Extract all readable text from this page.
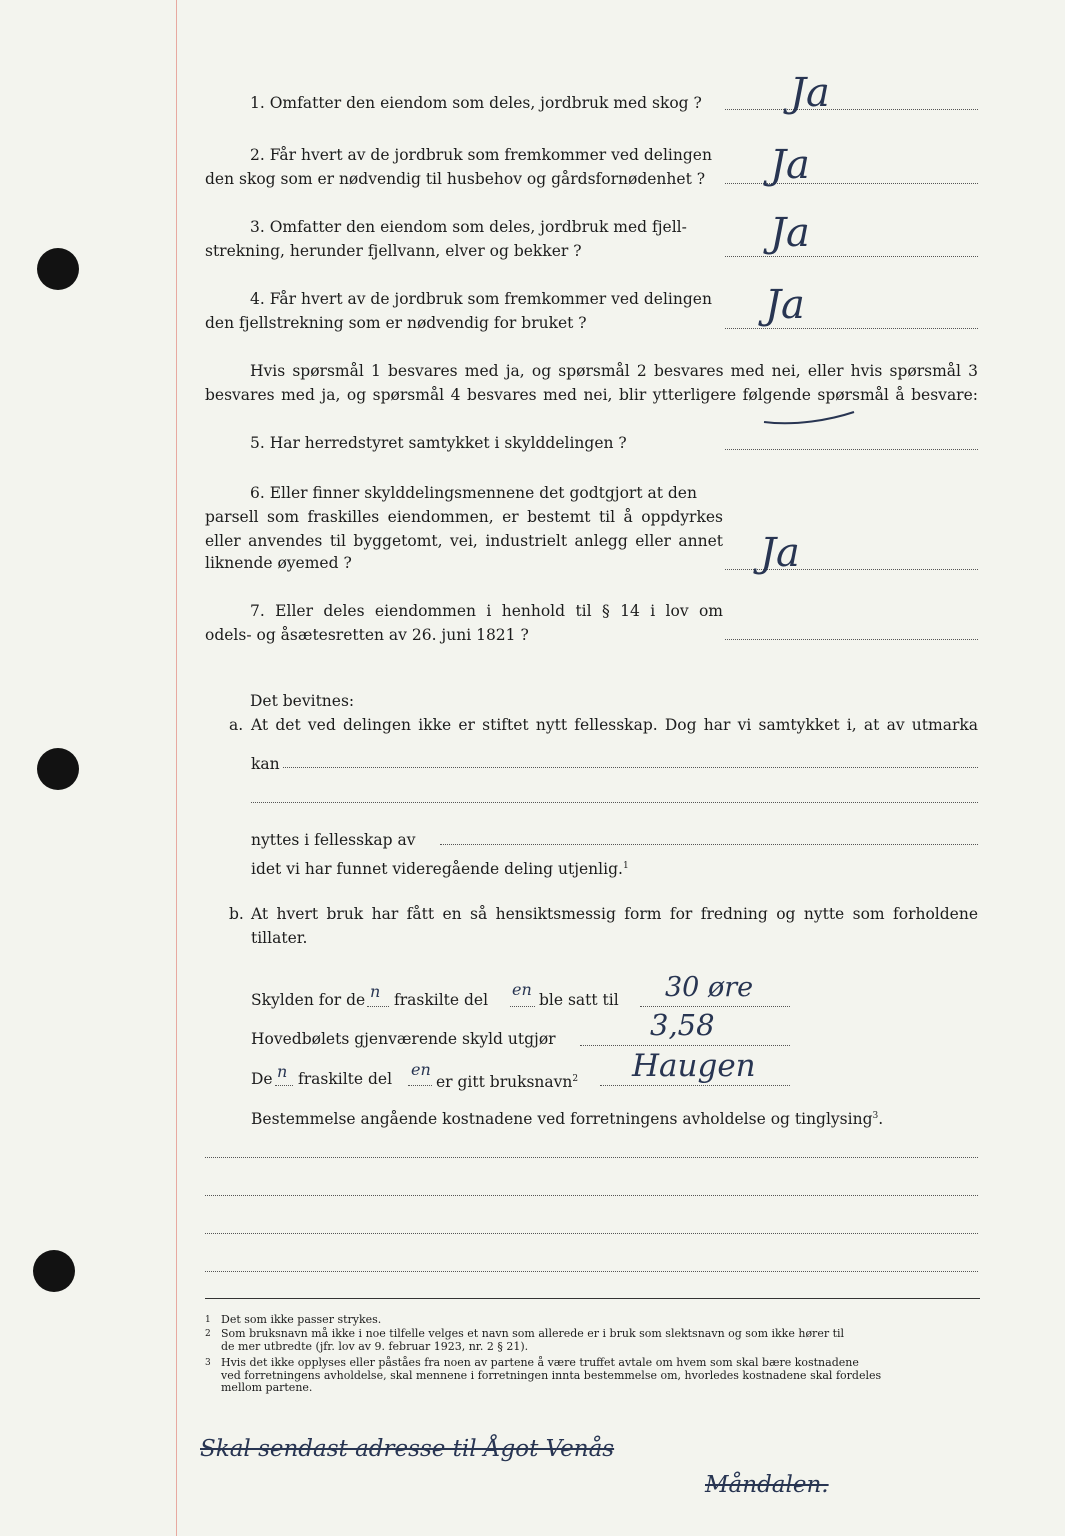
1. Omfatter den eiendom som deles, jordbruk med skog ? Ja
2. Får hvert av de jordbruk som fremkommer ved delingen
den skog som er nødvendig til husbehov og gårdsfornødenhet ? Ja
3. Omfatter den eiendom som deles, jordbruk med fjell-
strekning, herunder fjellvann, elver og bekker ?	Ja
4. Får hvert av de jordbruk som fremkommer ved delingen
den fjellstrekning som er nødvendig for bruket ?	Ja
Hvis spørsmål 1 besvares med ja, og spørsmål 2 besvares med nei, eller hvis spørsmål 3
besvares med ja, og spørsmål 4 besvares med nei, blir ytterligere følgende spørsmål å besvare:
5. Har herredstyret samtykket i skylddelingen ?
6. Eller finner skylddelingsmennene det godtgjort at den
parsell som fraskilles eiendommen, er bestemt til å oppdyrkes
eller anvendes til byggetomt, vei, industrielt anlegg eller annet
liknende øyemed ?	Ja
7. Eller deles eiendommen i henhold til § 14 i lov om
odels- og åsætesretten av 26. juni 1821 ?
Det bevitnes:
a. At det ved delingen ikke er stiftet nytt fellesskap. Dog har vi samtykket i, at av utmarka
kan
nyttes i fellesskap av
idet vi har funnet videregående deling utjenlig.$^1$
b. At hvert bruk har fått en så hensiktsmessig form for fredning og nytte som forholdene
tillater.
Skylden for de n fraskilte del
en
ble satt til 30 øre
Hovedbølets gjenværende skyld utgjør	3,58
De n fraskilte del en
er gitt bruksnavn$^2$ Haugen
Bestemmelse angående kostnadene ved forretningens avholdelse og tinglysing$^3$.
1 Det som ikke passer strykes.
2 Som bruksnavn må ikke i noe tilfelle velges et navn som allerede er i bruk som slektsnavn og som ikke hører til
de mer utbredte (jfr. lov av 9. februar 1923, nr. 2 § 21).
3 Hvis det ikke opplyses eller påståes fra noen av partene å være truffet avtale om hvem som skal bære kostnadene
ved forretningens avholdelse, skal mennene i forretningen innta bestemmelse om, hvorledes kostnadene skal fordeles
mellom partene.
Skal sendast adresse til Ågot Venås
Måndalen.
